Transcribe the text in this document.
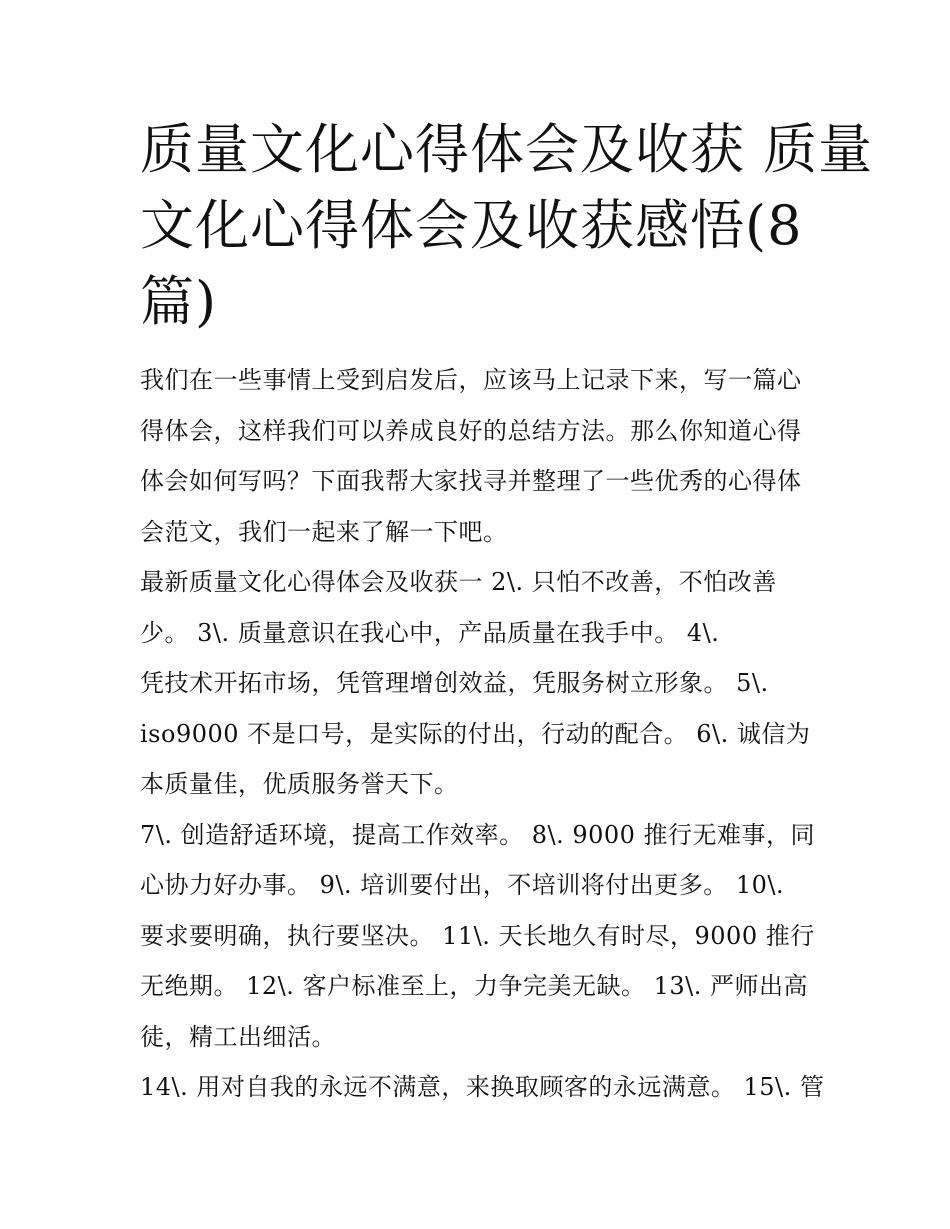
质量文化心得体会及收获 质量
文化心得体会及收获感悟(8
篇)
我们在一些事情上受到启发后，应该马上记录下来，写一篇心
得体会，这样我们可以养成良好的总结方法。那么你知道心得
体会如何写吗？下面我帮大家找寻并整理了一些优秀的心得体
会范文，我们一起来了解一下吧。
最新质量文化心得体会及收获一 2\. 只怕不改善，不怕改善
少。 3\. 质量意识在我心中，产品质量在我手中。 4\.
凭技术开拓市场，凭管理增创效益，凭服务树立形象。 5\.
iso9000 不是口号，是实际的付出，行动的配合。 6\. 诚信为
本质量佳，优质服务誉天下。
7\. 创造舒适环境，提高工作效率。 8\. 9000 推行无难事，同
心协力好办事。 9\. 培训要付出，不培训将付出更多。 10\.
要求要明确，执行要坚决。 11\. 天长地久有时尽，9000 推行
无绝期。 12\. 客户标准至上，力争完美无缺。 13\. 严师出高
徒，精工出细活。
14\. 用对自我的永远不满意，来换取顾客的永远满意。 15\. 管
